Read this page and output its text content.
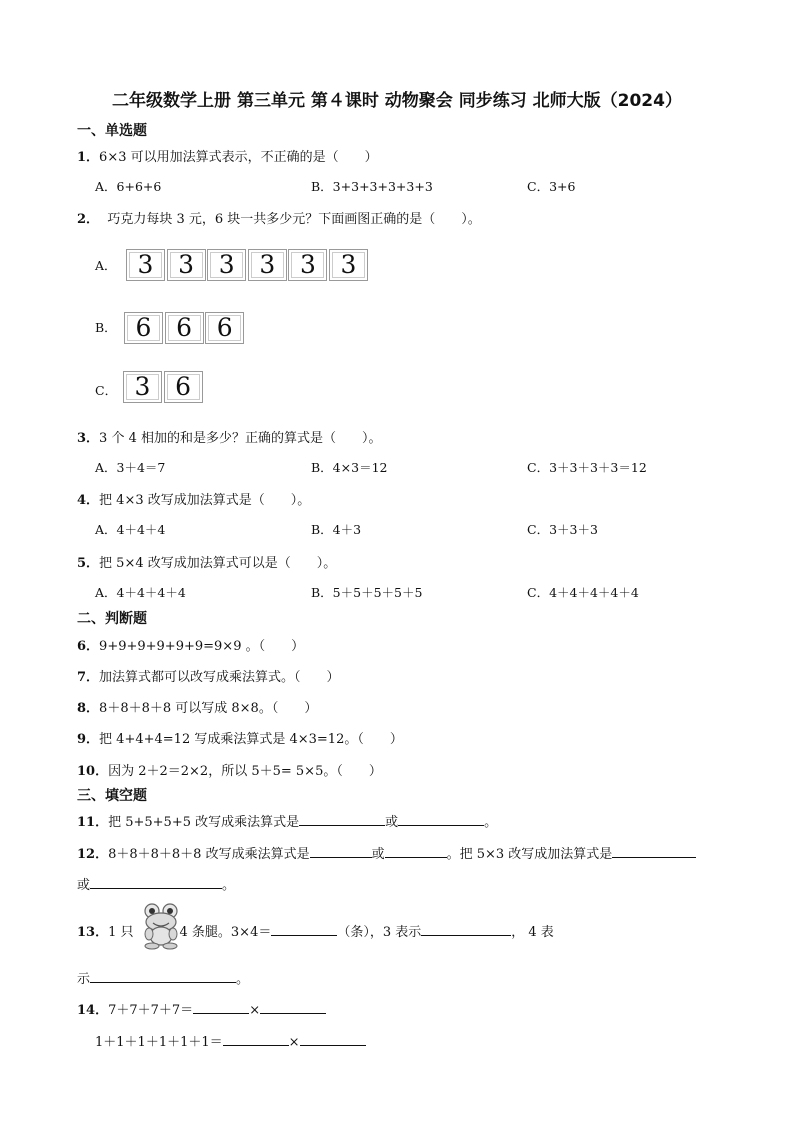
二年级数学上册 第三单元 第４课时 动物聚会 同步练习 北师大版（2024）
一、单选题
1．6×3 可以用加法算式表示，不正确的是（　　）
A．6+6+6	B．3+3+3+3+3+3	C．3+6
2． 巧克力每块 3 元，6 块一共多少元？下面画图正确的是（　　）。
A． 3 3 3 3 3 3
B． 6 6 6
C． 3 6
3．3 个 4 相加的和是多少？正确的算式是（　　）。
A．3＋4＝7	B．4×3＝12	C．3＋3＋3＋3＝12
4．把 4×3 改写成加法算式是（　　）。
A．4＋4＋4	B．4＋3	C．3＋3＋3
5．把 5×4 改写成加法算式可以是（　　）。
A．4＋4＋4＋4	B．5＋5＋5＋5＋5	C．4＋4＋4＋4＋4
二、判断题
6．9+9+9+9+9+9=9×9 。（　　）
7．加法算式都可以改写成乘法算式。（　　）
8．8＋8＋8＋8 可以写成 8×8。（　　）
9．把 4+4+4=12 写成乘法算式是 4×3=12。（　　）
10．因为 2＋2＝2×2，所以 5＋5= 5×5。（　　）
三、填空题
11．把 5+5+5+5 改写成乘法算式是	或	。
12．8＋8＋8＋8＋8 改写成乘法算式是	或	。把 5×3 改写成加法算式是
或	。
13．1 只	4 条腿。3×4＝	（条），3 表示	， 4 表
示	。
14．7＋7＋7＋7＝	×
1＋1＋1＋1＋1＋1＝	×
